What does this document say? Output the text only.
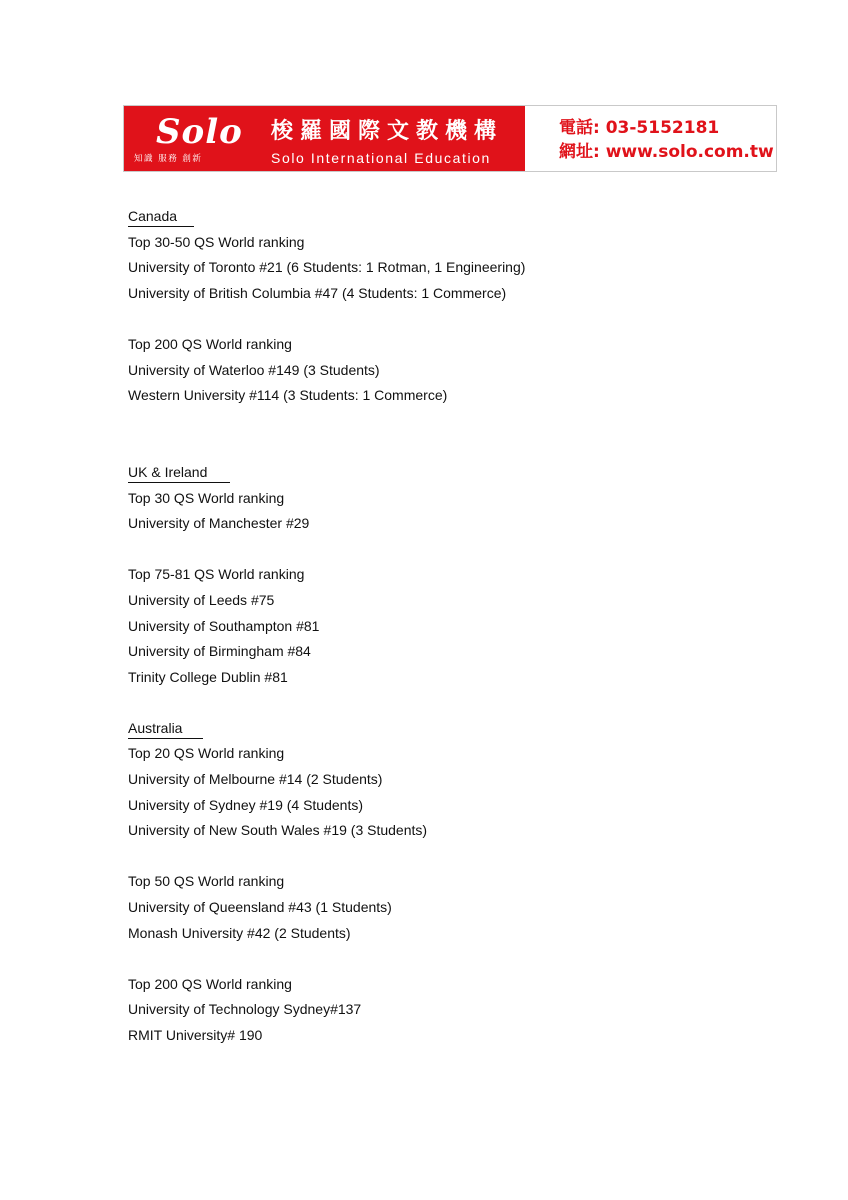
Solo 梭羅國際文教機構
Solo International Education
知識 服務 創新
電話: 03-5152181
網址: www.solo.com.tw
Canada
Top 30-50 QS World ranking
University of Toronto #21 (6 Students: 1 Rotman, 1 Engineering)
University of British Columbia #47 (4 Students: 1 Commerce)
Top 200 QS World ranking
University of Waterloo #149 (3 Students)
Western University #114 (3 Students: 1 Commerce)
UK & Ireland
Top 30 QS World ranking
University of Manchester #29
Top 75-81 QS World ranking
University of Leeds #75
University of Southampton #81
University of Birmingham #84
Trinity College Dublin #81
Australia
Top 20 QS World ranking
University of Melbourne #14 (2 Students)
University of Sydney #19 (4 Students)
University of New South Wales #19 (3 Students)
Top 50 QS World ranking
University of Queensland #43 (1 Students)
Monash University #42 (2 Students)
Top 200 QS World ranking
University of Technology Sydney#137
RMIT University# 190
